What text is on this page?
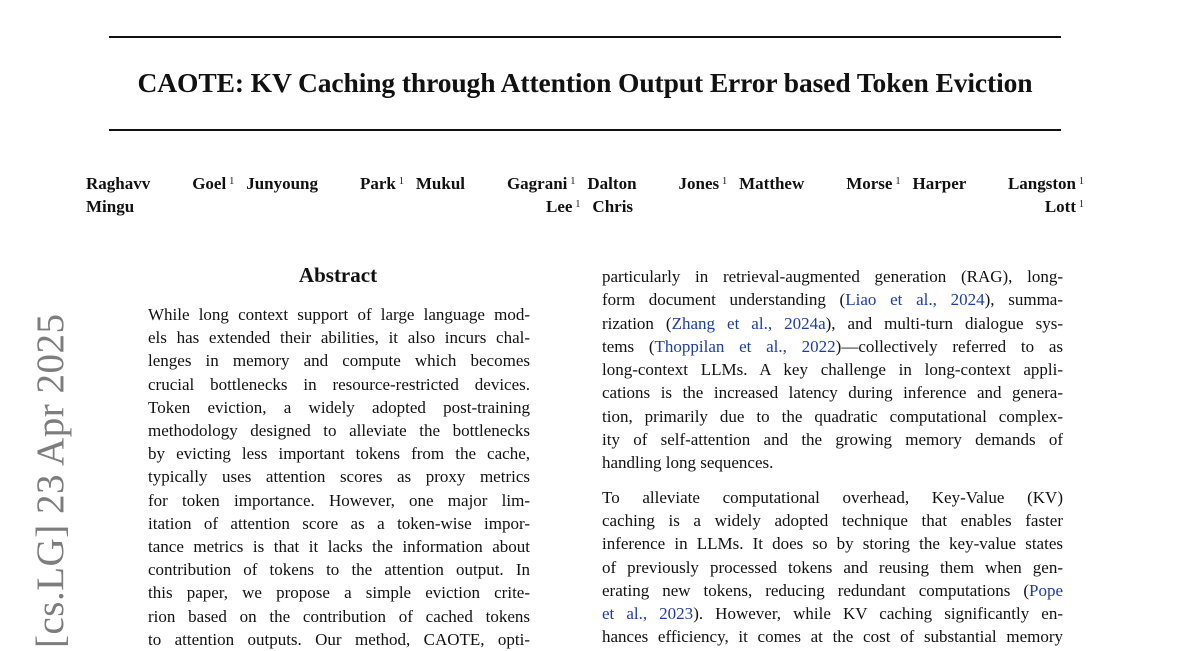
CAOTE: KV Caching through Attention Output Error based Token Eviction
Raghavv Goel $^1$ Junyoung Park $^1$ Mukul Gagrani $^1$ Dalton Jones $^1$ Matthew Morse $^1$ Harper Langston $^1$
Mingu Lee $^1$ Chris Lott $^1$
[cs.LG] 23 Apr 2025
Abstract
While long context support of large language mod-
els has extended their abilities, it also incurs chal-
lenges in memory and compute which becomes
crucial bottlenecks in resource-restricted devices.
Token eviction, a widely adopted post-training
methodology designed to alleviate the bottlenecks
by evicting less important tokens from the cache,
typically uses attention scores as proxy metrics
for token importance. However, one major lim-
itation of attention score as a token-wise impor-
tance metrics is that it lacks the information about
contribution of tokens to the attention output. In
this paper, we propose a simple eviction crite-
rion based on the contribution of cached tokens
to attention outputs. Our method, CAOTE, opti-

particularly in retrieval-augmented generation (RAG), long-
form document understanding (Liao et al., 2024), summa-
rization (Zhang et al., 2024a), and multi-turn dialogue sys-
tems (Thoppilan et al., 2022)—collectively referred to as
long-context LLMs. A key challenge in long-context appli-
cations is the increased latency during inference and genera-
tion, primarily due to the quadratic computational complex-
ity of self-attention and the growing memory demands of
handling long sequences.

To alleviate computational overhead, Key-Value (KV)
caching is a widely adopted technique that enables faster
inference in LLMs. It does so by storing the key-value states
of previously processed tokens and reusing them when gen-
erating new tokens, reducing redundant computations (Pope
et al., 2023). However, while KV caching significantly en-
hances efficiency, it comes at the cost of substantial memory
